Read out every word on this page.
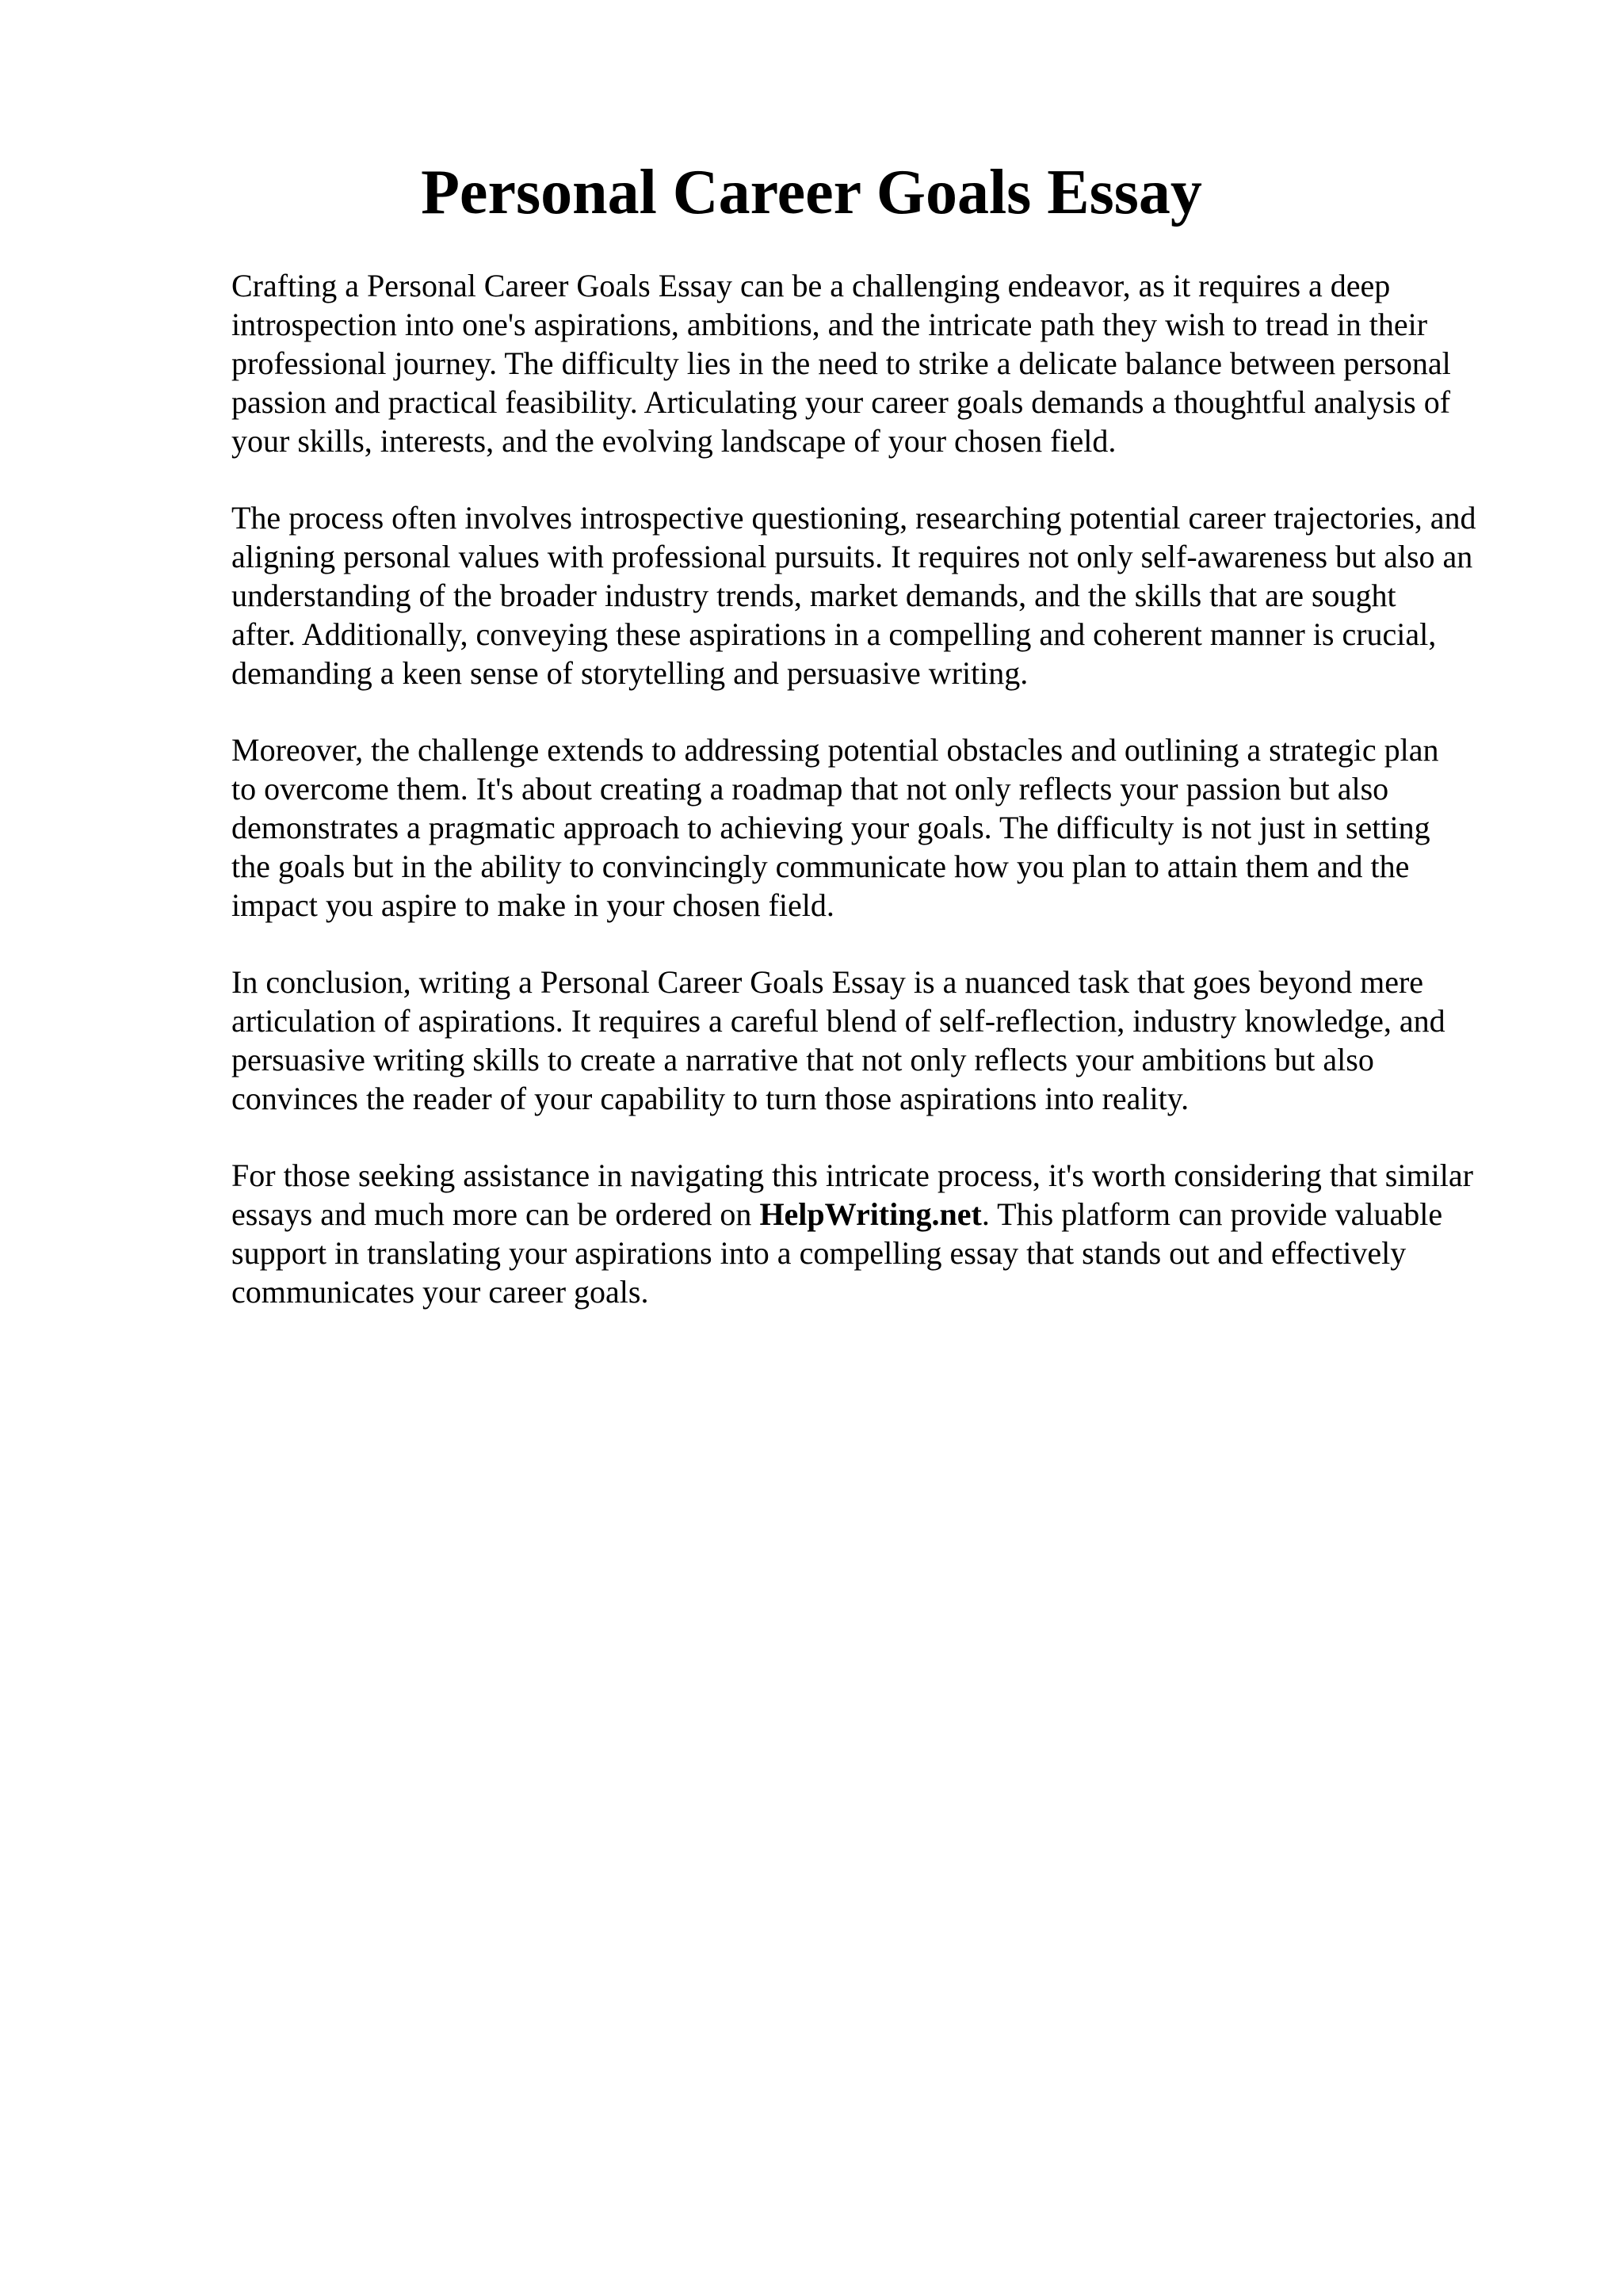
Personal Career Goals Essay

Crafting a Personal Career Goals Essay can be a challenging endeavor, as it requires a deep
introspection into one's aspirations, ambitions, and the intricate path they wish to tread in their
professional journey. The difficulty lies in the need to strike a delicate balance between personal
passion and practical feasibility. Articulating your career goals demands a thoughtful analysis of
your skills, interests, and the evolving landscape of your chosen field.

The process often involves introspective questioning, researching potential career trajectories, and
aligning personal values with professional pursuits. It requires not only self-awareness but also an
understanding of the broader industry trends, market demands, and the skills that are sought
after. Additionally, conveying these aspirations in a compelling and coherent manner is crucial,
demanding a keen sense of storytelling and persuasive writing.

Moreover, the challenge extends to addressing potential obstacles and outlining a strategic plan
to overcome them. It's about creating a roadmap that not only reflects your passion but also
demonstrates a pragmatic approach to achieving your goals. The difficulty is not just in setting
the goals but in the ability to convincingly communicate how you plan to attain them and the
impact you aspire to make in your chosen field.

In conclusion, writing a Personal Career Goals Essay is a nuanced task that goes beyond mere
articulation of aspirations. It requires a careful blend of self-reflection, industry knowledge, and
persuasive writing skills to create a narrative that not only reflects your ambitions but also
convinces the reader of your capability to turn those aspirations into reality.

For those seeking assistance in navigating this intricate process, it's worth considering that similar
essays and much more can be ordered on HelpWriting.net. This platform can provide valuable
support in translating your aspirations into a compelling essay that stands out and effectively
communicates your career goals.
